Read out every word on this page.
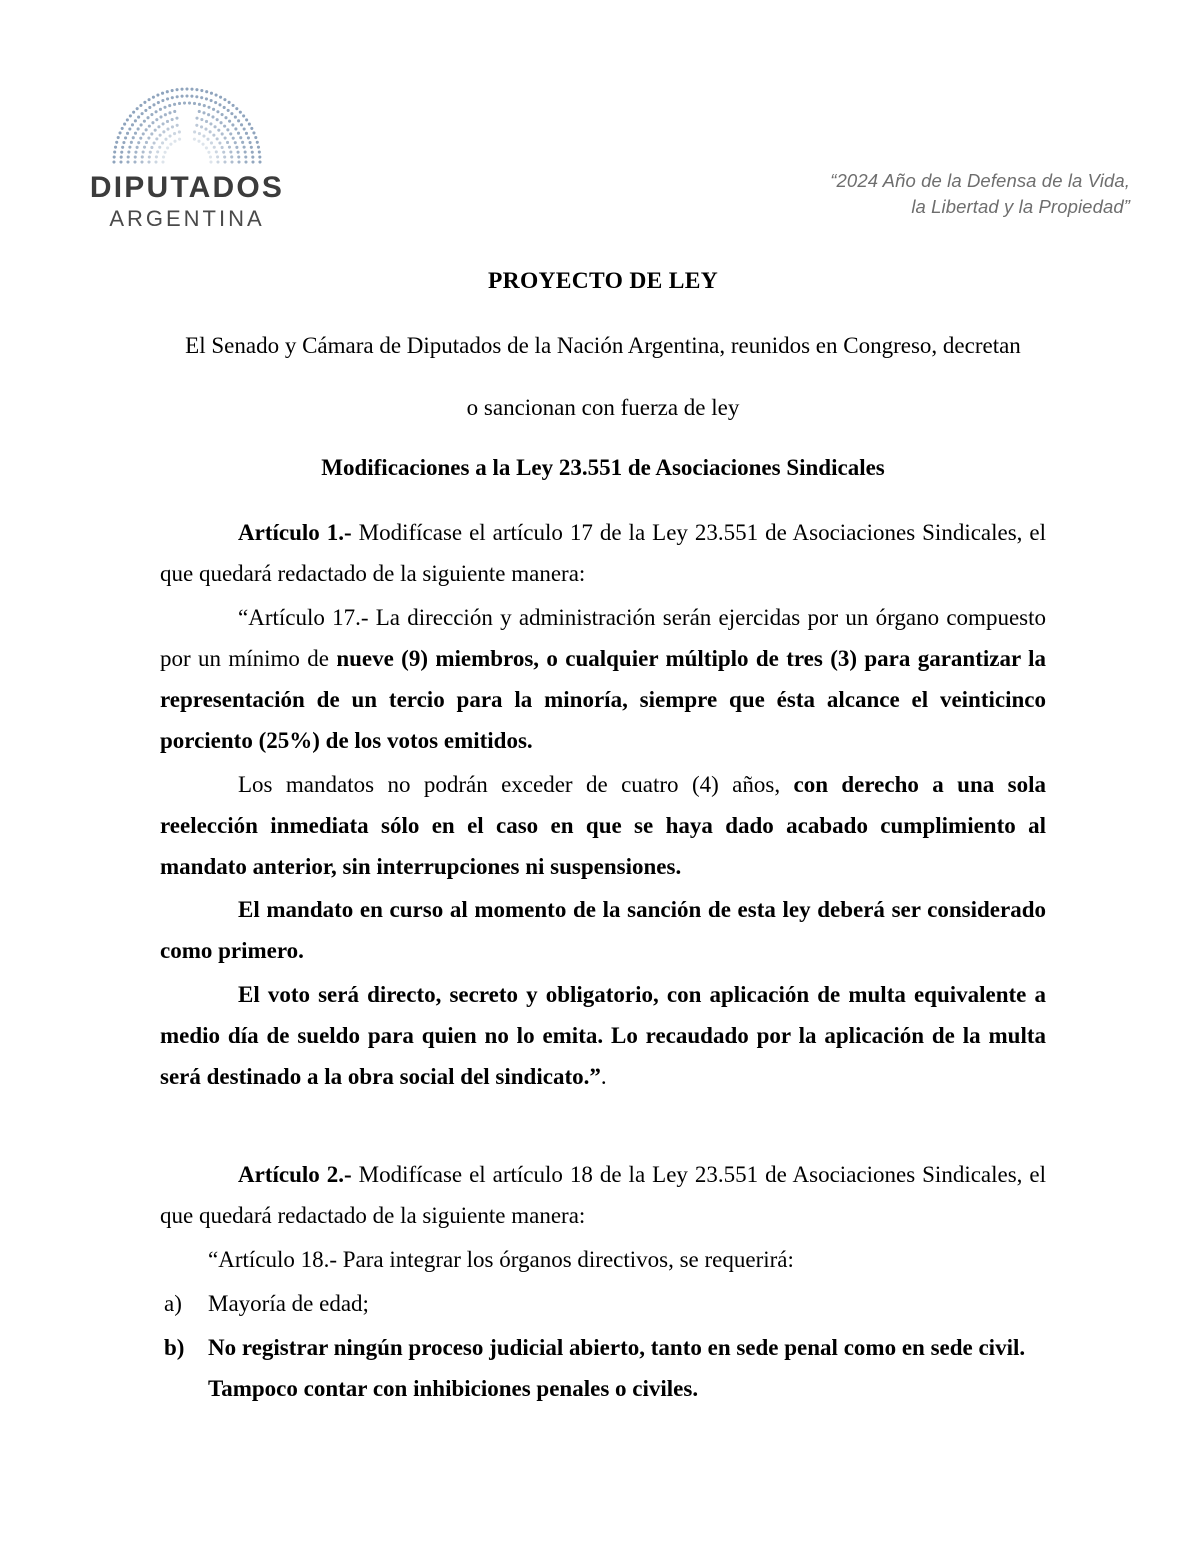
DIPUTADOS
ARGENTINA
“2024 Año de la Defensa de la Vida,
la Libertad y la Propiedad”
PROYECTO DE LEY
El Senado y Cámara de Diputados de la Nación Argentina, reunidos en Congreso, decretan
o sancionan con fuerza de ley
Modificaciones a la Ley 23.551 de Asociaciones Sindicales

Artículo 1.- Modifícase el artículo 17 de la Ley 23.551 de Asociaciones Sindicales, el que quedará redactado de la siguiente manera:

“Artículo 17.- La dirección y administración serán ejercidas por un órgano compuesto por un mínimo de nueve (9) miembros, o cualquier múltiplo de tres (3) para garantizar la representación de un tercio para la minoría, siempre que ésta alcance el veinticinco porciento (25%) de los votos emitidos.

Los mandatos no podrán exceder de cuatro (4) años, con derecho a una sola reelección inmediata sólo en el caso en que se haya dado acabado cumplimiento al mandato anterior, sin interrupciones ni suspensiones.

El mandato en curso al momento de la sanción de esta ley deberá ser considerado como primero.

El voto será directo, secreto y obligatorio, con aplicación de multa equivalente a medio día de sueldo para quien no lo emita. Lo recaudado por la aplicación de la multa será destinado a la obra social del sindicato.”.

Artículo 2.- Modifícase el artículo 18 de la Ley 23.551 de Asociaciones Sindicales, el que quedará redactado de la siguiente manera:

“Artículo 18.- Para integrar los órganos directivos, se requerirá:

a) Mayoría de edad;
b) No registrar ningún proceso judicial abierto, tanto en sede penal como en sede civil.
Tampoco contar con inhibiciones penales o civiles.
